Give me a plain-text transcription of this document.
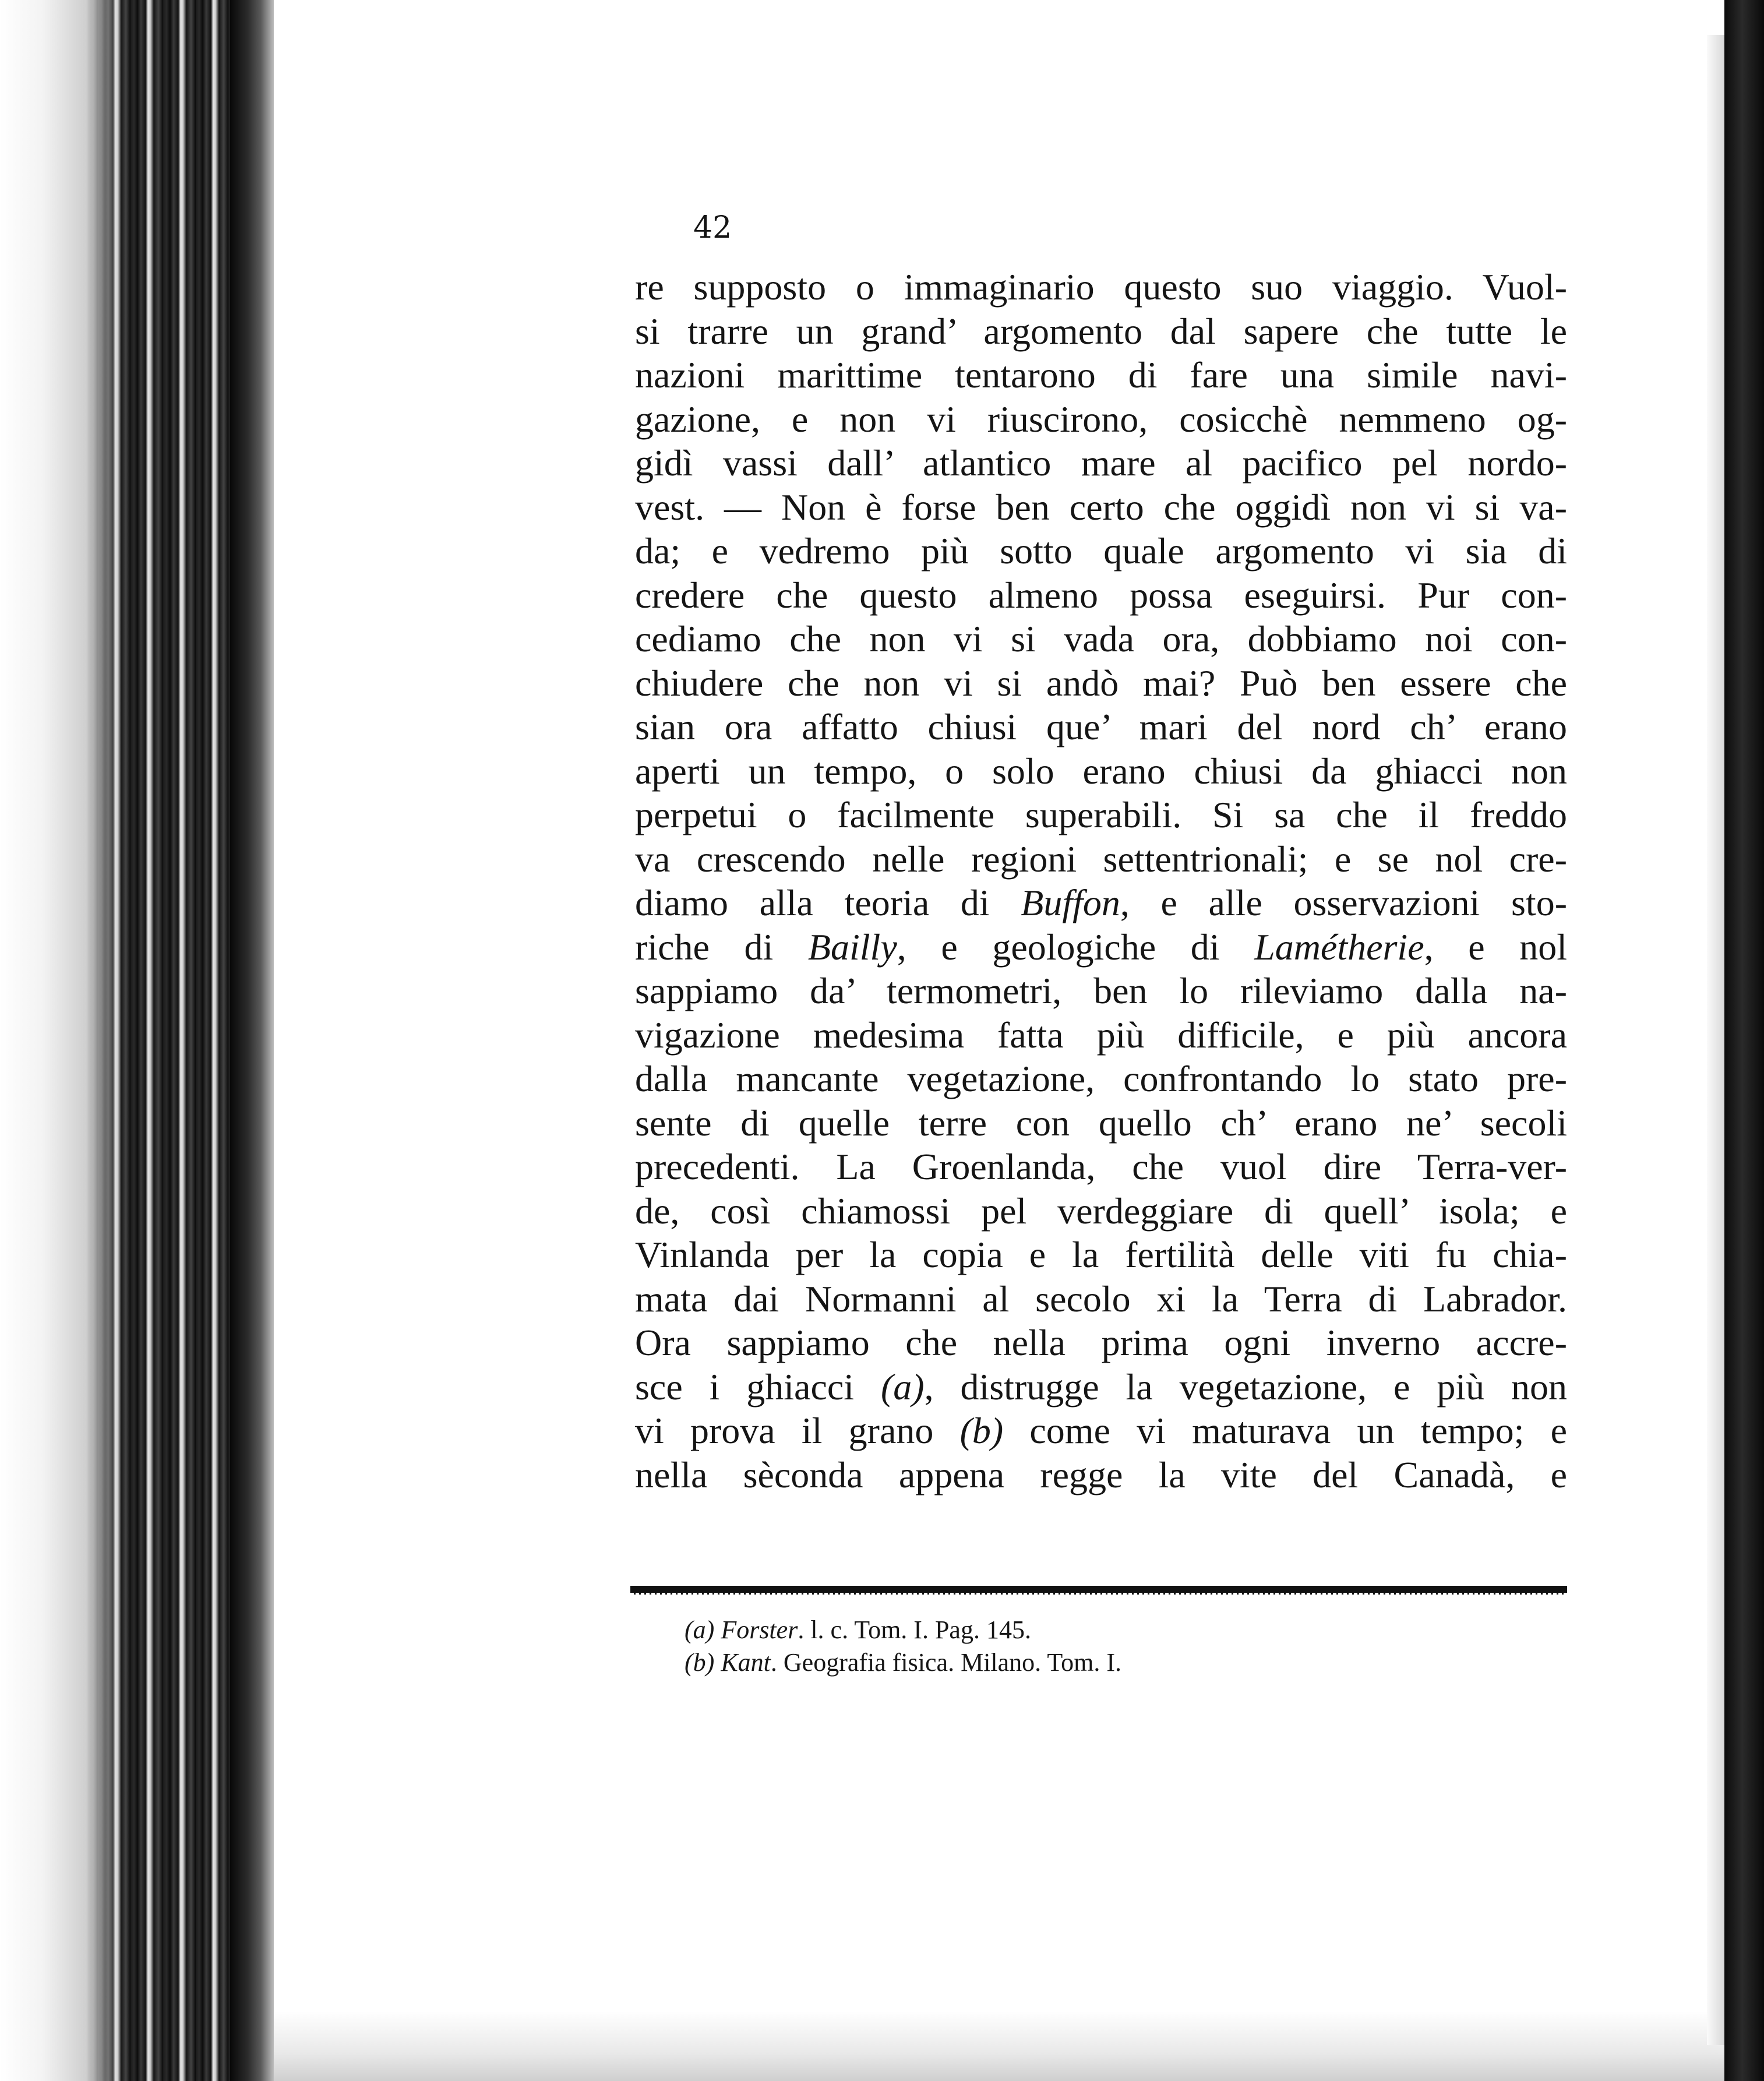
42
re supposto o immaginario questo suo viaggio. Vuol-
si trarre un grand’ argomento dal sapere che tutte le
nazioni marittime tentarono di fare una simile navi-
gazione, e non vi riuscirono, cosicchè nemmeno og-
gidì vassi dall’ atlantico mare al pacifico pel nordo-
vest. — Non è forse ben certo che oggidì non vi si va-
da; e vedremo più sotto quale argomento vi sia di
credere che questo almeno possa eseguirsi. Pur con-
cediamo che non vi si vada ora, dobbiamo noi con-
chiudere che non vi si andò mai? Può ben essere che
sian ora affatto chiusi que’ mari del nord ch’ erano
aperti un tempo, o solo erano chiusi da ghiacci non
perpetui o facilmente superabili. Si sa che il freddo
va crescendo nelle regioni settentrionali; e se nol cre-
diamo alla teoria di Buffon, e alle osservazioni sto-
riche di Bailly, e geologiche di Lamétherie, e nol
sappiamo da’ termometri, ben lo rileviamo dalla na-
vigazione medesima fatta più difficile, e più ancora
dalla mancante vegetazione, confrontando lo stato pre-
sente di quelle terre con quello ch’ erano ne’ secoli
precedenti. La Groenlanda, che vuol dire Terra-ver-
de, così chiamossi pel verdeggiare di quell’ isola; e
Vinlanda per la copia e la fertilità delle viti fu chia-
mata dai Normanni al secolo xi la Terra di Labrador.
Ora sappiamo che nella prima ogni inverno accre-
sce i ghiacci (a), distrugge la vegetazione, e più non
vi prova il grano (b) come vi maturava un tempo; e
nella sèconda appena regge la vite del Canadà, e
(a) Forster. l. c. Tom. I. Pag. 145.
(b) Kant. Geografia fisica. Milano. Tom. I.
